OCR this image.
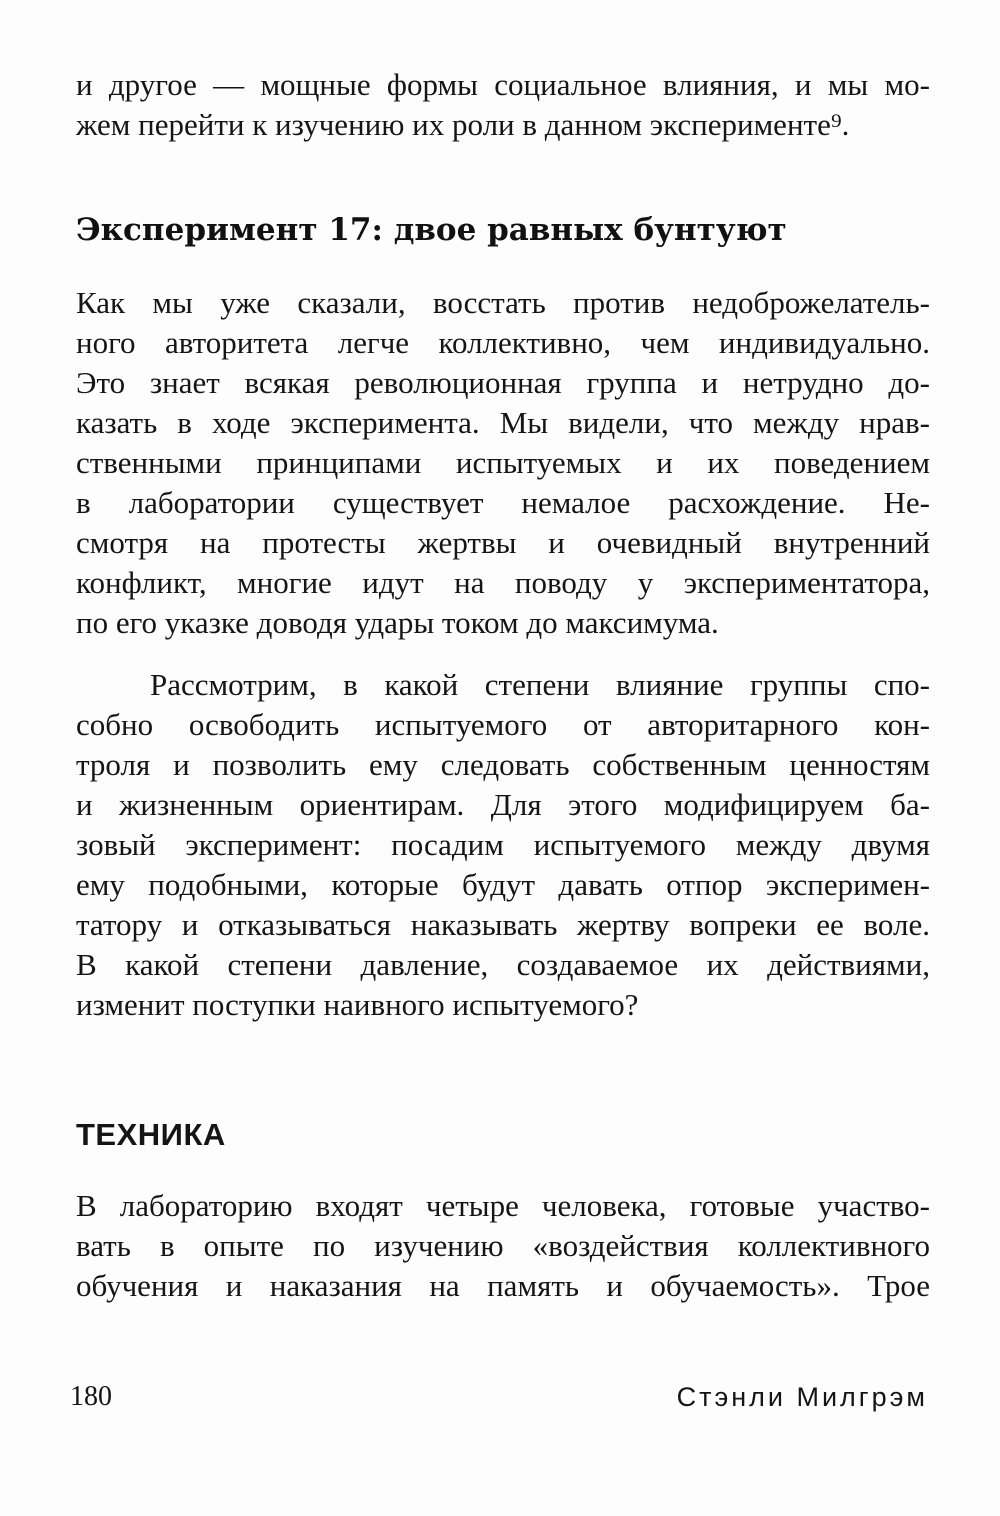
и другое — мощные формы социальное влияния, и мы мо-

жем перейти к изучению их роли в данном эксперименте⁹.

Эксперимент 17: двое равных бунтуют

Как мы уже сказали, восстать против недоброжелатель-

ного авторитета легче коллективно, чем индивидуально.

Это знает всякая революционная группа и нетрудно до-

казать в ходе эксперимента. Мы видели, что между нрав-

ственными принципами испытуемых и их поведением

в лаборатории существует немалое расхождение. Не-

смотря на протесты жертвы и очевидный внутренний

конфликт, многие идут на поводу у экспериментатора,

по его указке доводя удары током до максимума.

Рассмотрим, в какой степени влияние группы спо-

собно освободить испытуемого от авторитарного кон-

троля и позволить ему следовать собственным ценностям

и жизненным ориентирам. Для этого модифицируем ба-

зовый эксперимент: посадим испытуемого между двумя

ему подобными, которые будут давать отпор эксперимен-

татору и отказываться наказывать жертву вопреки ее воле.

В какой степени давление, создаваемое их действиями,

изменит поступки наивного испытуемого?

ТЕХНИКА

В лабораторию входят четыре человека, готовые участво-

вать в опыте по изучению «воздействия коллективного

обучения и наказания на память и обучаемость». Трое

180	Стэнли Милгрэм
